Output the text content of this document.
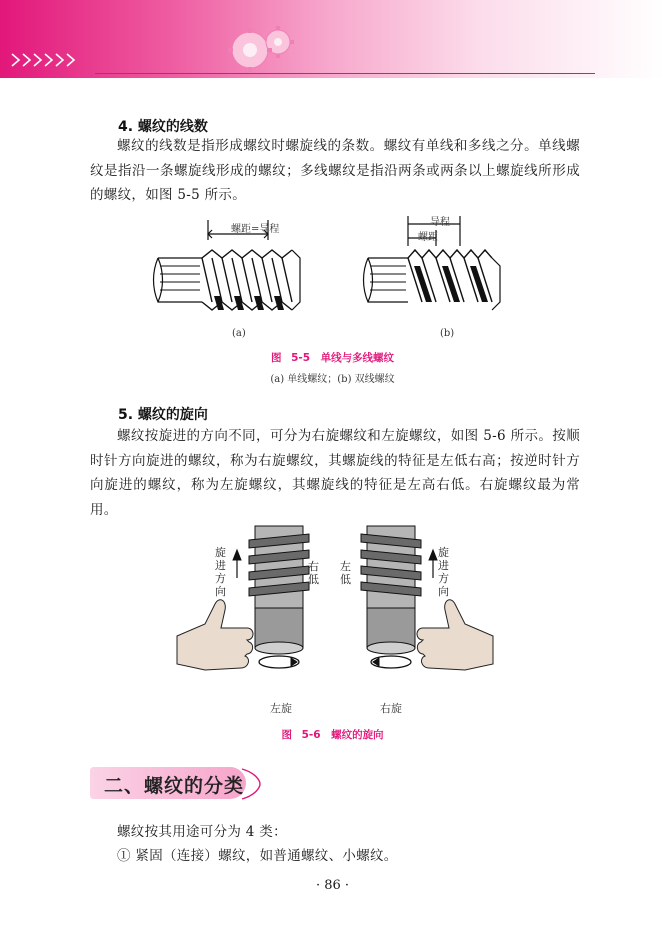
4. 螺纹的线数

螺纹的线数是指形成螺纹时螺旋线的条数。螺纹有单线和多线之分。单线螺纹是指沿一条螺旋线形成的螺纹；多线螺纹是指沿两条或两条以上螺旋线所形成的螺纹，如图 5-5 所示。

螺距=导程
导程
螺距
(a)	(b)
图 5-5　单线与多线螺纹
(a) 单线螺纹；(b) 双线螺纹
5. 螺纹的旋向

螺纹按旋进的方向不同，可分为右旋螺纹和左旋螺纹，如图 5-6 所示。按顺时针方向旋进的螺纹，称为右旋螺纹，其螺旋线的特征是左低右高；按逆时针方向旋进的螺纹，称为左旋螺纹，其螺旋线的特征是左高右低。右旋螺纹最为常用。

旋进方向
右低
左低
旋进方向
左旋	右旋
图 5-6　螺纹的旋向
二、螺纹的分类
螺纹按其用途可分为 4 类：
① 紧固（连接）螺纹，如普通螺纹、小螺纹。
· 86 ·
